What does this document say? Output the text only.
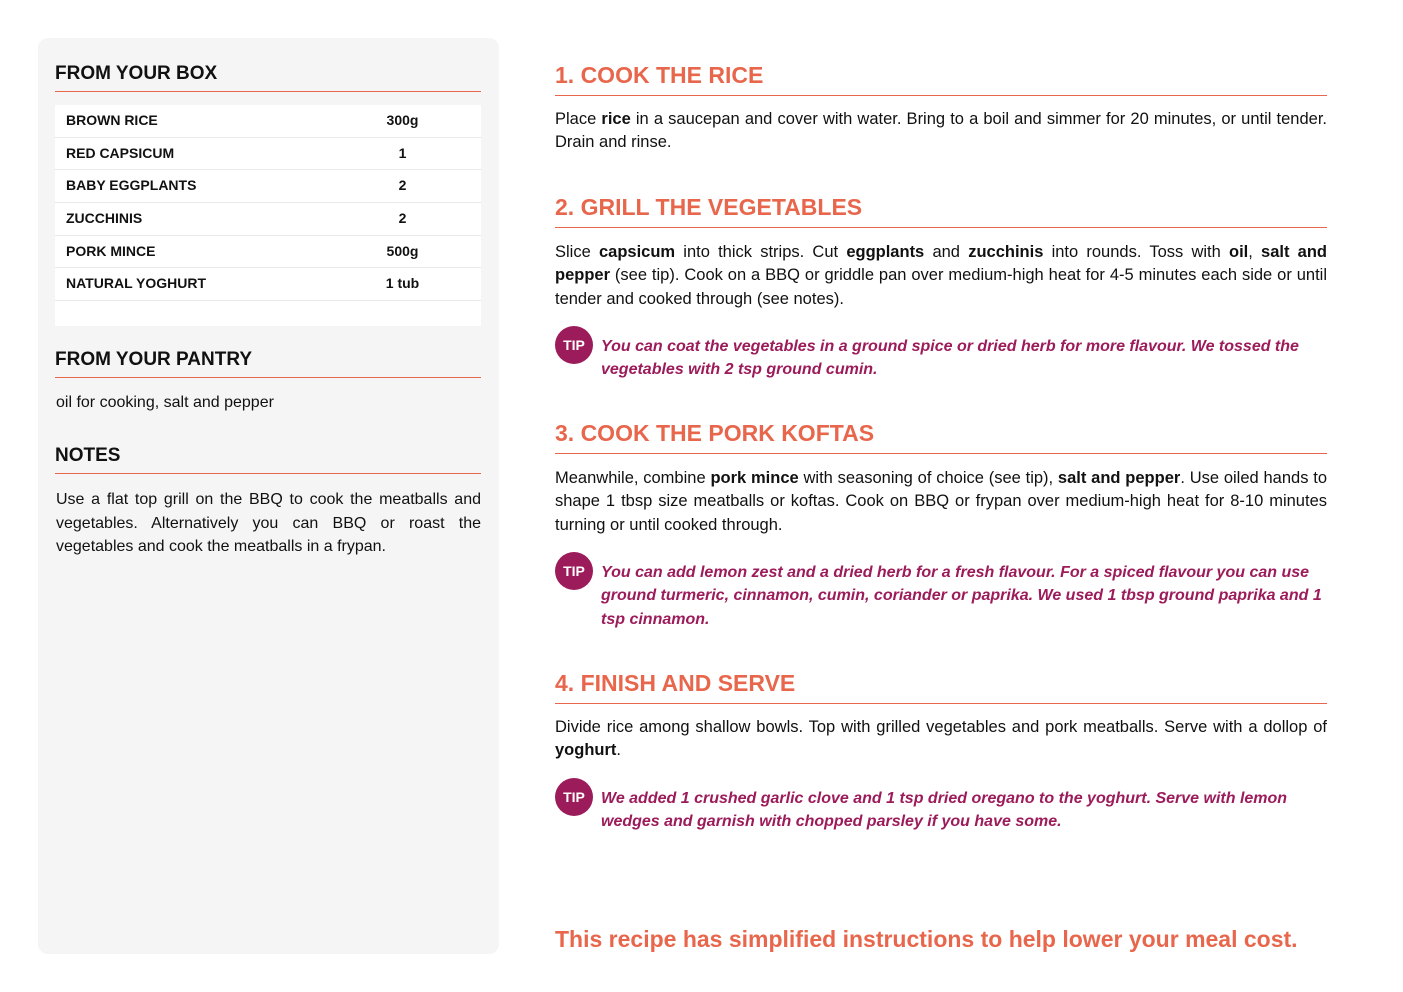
FROM YOUR BOX
BROWN RICE	300g
RED CAPSICUM	1
BABY EGGPLANTS	2
ZUCCHINIS	2
PORK MINCE	500g
NATURAL YOGHURT	1 tub
FROM YOUR PANTRY
oil for cooking, salt and pepper
NOTES
Use a flat top grill on the BBQ to cook the meatballs and vegetables. Alternatively you can BBQ or roast the vegetables and cook the meatballs in a frypan.
1. COOK THE RICE
Place rice in a saucepan and cover with water. Bring to a boil and simmer for 20 minutes, or until tender. Drain and rinse.
2. GRILL THE VEGETABLES
Slice capsicum into thick strips. Cut eggplants and zucchinis into rounds. Toss with oil, salt and pepper (see tip). Cook on a BBQ or griddle pan over medium-high heat for 4-5 minutes each side or until tender and cooked through (see notes).
TIP	You can coat the vegetables in a ground spice or dried herb for more flavour. We tossed the vegetables with 2 tsp ground cumin.
3. COOK THE PORK KOFTAS
Meanwhile, combine pork mince with seasoning of choice (see tip), salt and pepper. Use oiled hands to shape 1 tbsp size meatballs or koftas. Cook on BBQ or frypan over medium-high heat for 8-10 minutes turning or until cooked through.
TIP	You can add lemon zest and a dried herb for a fresh flavour. For a spiced flavour you can use ground turmeric, cinnamon, cumin, coriander or paprika. We used 1 tbsp ground paprika and 1 tsp cinnamon.
4. FINISH AND SERVE
Divide rice among shallow bowls. Top with grilled vegetables and pork meatballs. Serve with a dollop of yoghurt.
TIP	We added 1 crushed garlic clove and 1 tsp dried oregano to the yoghurt. Serve with lemon wedges and garnish with chopped parsley if you have some.
This recipe has simplified instructions to help lower your meal cost.
